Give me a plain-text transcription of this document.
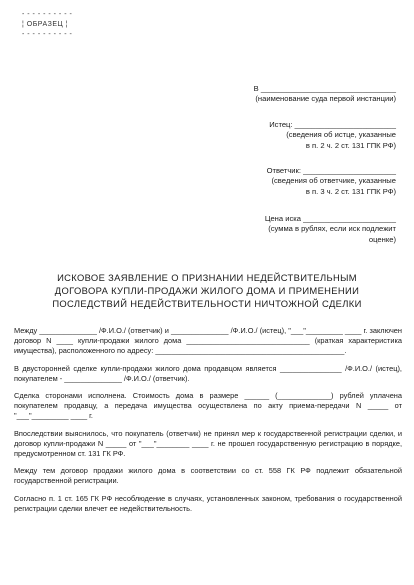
- - - - - - - - - -
¦ ОБРАЗЕЦ ¦
- - - - - - - - - -
В ________________________________
(наименование суда первой инстанции)
Истец: ________________________
(сведения об истце, указанные
в п. 2 ч. 2 ст. 131 ГПК РФ)
Ответчик: ______________________
(сведения об ответчике, указанные
в п. 3 ч. 2 ст. 131 ГПК РФ)
Цена иска ______________________
(сумма в рублях, если иск подлежит
оценке)
ИСКОВОЕ ЗАЯВЛЕНИЕ О ПРИЗНАНИИ НЕДЕЙСТВИТЕЛЬНЫМ
ДОГОВОРА КУПЛИ-ПРОДАЖИ ЖИЛОГО ДОМА И ПРИМЕНЕНИИ
ПОСЛЕДСТВИЙ НЕДЕЙСТВИТЕЛЬНОСТИ НИЧТОЖНОЙ СДЕЛКИ

Между ______________ /Ф.И.О./ (ответчик) и ______________ /Ф.И.О./ (истец), "___"_________ ____ г. заключен договор N ____ купли-продажи жилого дома ______________________________ (краткая характеристика имущества), расположенного по адресу: ______________________________________________.

В двусторонней сделке купли-продажи жилого дома продавцом является _______________ /Ф.И.О./ (истец), покупателем - ______________ /Ф.И.О./ (ответчик).

Сделка сторонами исполнена. Стоимость дома в размере ______ (_____________) рублей уплачена покупателем продавцу, а передача имущества осуществлена по акту приема-передачи N _____ от "___"_________ ____ г.

Впоследствии выяснилось, что покупатель (ответчик) не принял мер к государственной регистрации сделки, и договор купли-продажи N _____ от "___"________ ____ г. не прошел государственную регистрацию в порядке, предусмотренном ст. 131 ГК РФ.

Между тем договор продажи жилого дома в соответствии со ст. 558 ГК РФ подлежит обязательной государственной регистрации.

Согласно п. 1 ст. 165 ГК РФ несоблюдение в случаях, установленных законом, требования о государственной регистрации сделки влечет ее недействительность.
